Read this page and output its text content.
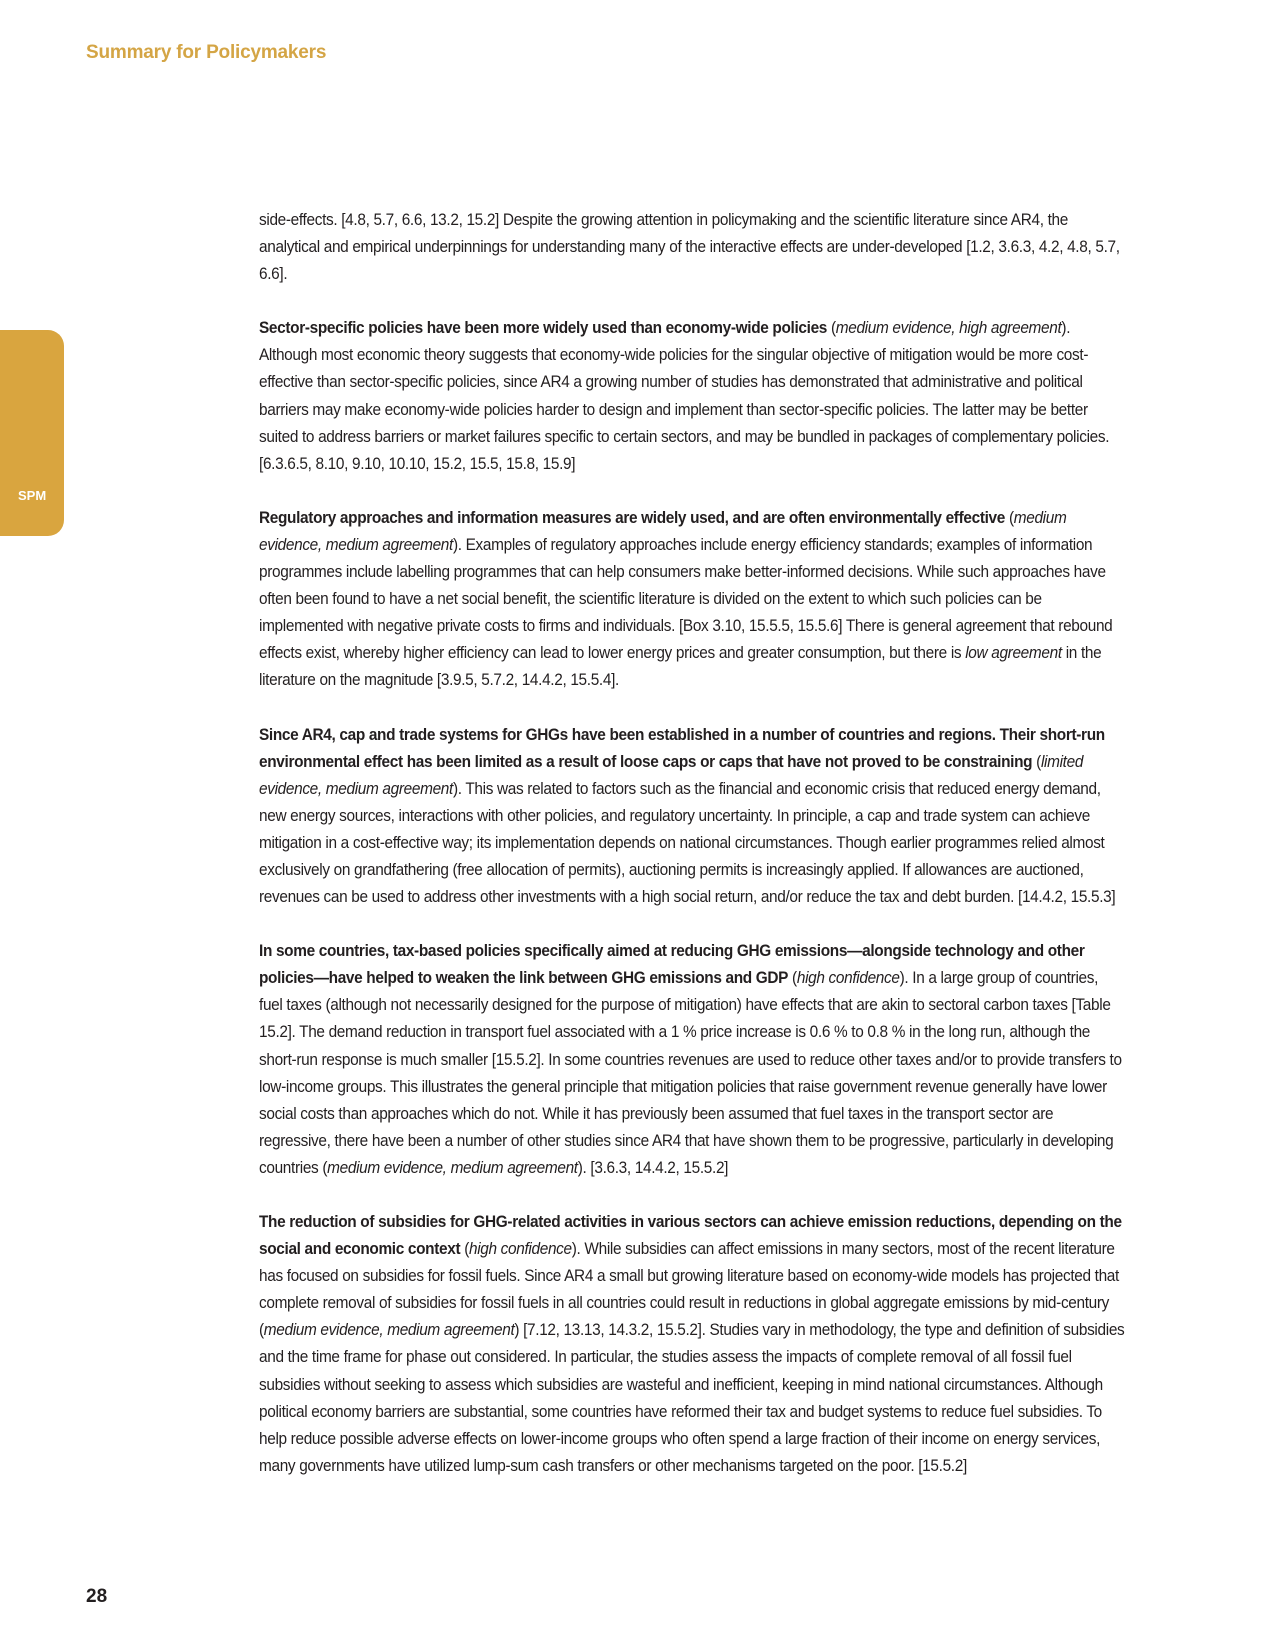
Summary for Policymakers
SPM

side-effects. [4.8, 5.7, 6.6, 13.2, 15.2] Despite the growing attention in policymaking and the scientific literature since AR4, the analytical and empirical underpinnings for understanding many of the interactive effects are under-developed [1.2, 3.6.3, 4.2, 4.8, 5.7, 6.6].

Sector-specific policies have been more widely used than economy-wide policies (medium evidence, high agreement). Although most economic theory suggests that economy-wide policies for the singular objective of mitigation would be more cost-effective than sector-specific policies, since AR4 a growing number of studies has demonstrated that administrative and political barriers may make economy-wide policies harder to design and implement than sector-specific policies. The latter may be better suited to address barriers or market failures specific to certain sectors, and may be bundled in packages of complementary policies. [6.3.6.5, 8.10, 9.10, 10.10, 15.2, 15.5, 15.8, 15.9]

Regulatory approaches and information measures are widely used, and are often environmentally effective (medium evidence, medium agreement). Examples of regulatory approaches include energy efficiency standards; examples of information programmes include labelling programmes that can help consumers make better-informed decisions. While such approaches have often been found to have a net social benefit, the scientific literature is divided on the extent to which such policies can be implemented with negative private costs to firms and individuals. [Box 3.10, 15.5.5, 15.5.6] There is general agreement that rebound effects exist, whereby higher efficiency can lead to lower energy prices and greater consumption, but there is low agreement in the literature on the magnitude [3.9.5, 5.7.2, 14.4.2, 15.5.4].

Since AR4, cap and trade systems for GHGs have been established in a number of countries and regions. Their short-run environmental effect has been limited as a result of loose caps or caps that have not proved to be constraining (limited evidence, medium agreement). This was related to factors such as the financial and economic crisis that reduced energy demand, new energy sources, interactions with other policies, and regulatory uncertainty. In principle, a cap and trade system can achieve mitigation in a cost-effective way; its implementation depends on national circumstances. Though earlier programmes relied almost exclusively on grandfathering (free allocation of permits), auctioning permits is increasingly applied. If allowances are auctioned, revenues can be used to address other investments with a high social return, and/or reduce the tax and debt burden. [14.4.2, 15.5.3]

In some countries, tax-based policies specifically aimed at reducing GHG emissions—alongside technology and other policies—have helped to weaken the link between GHG emissions and GDP (high confidence). In a large group of countries, fuel taxes (although not necessarily designed for the purpose of mitigation) have effects that are akin to sectoral carbon taxes [Table 15.2]. The demand reduction in transport fuel associated with a 1 % price increase is 0.6 % to 0.8 % in the long run, although the short-run response is much smaller [15.5.2]. In some countries revenues are used to reduce other taxes and/or to provide transfers to low-income groups. This illustrates the general principle that mitigation policies that raise government revenue generally have lower social costs than approaches which do not. While it has previously been assumed that fuel taxes in the transport sector are regressive, there have been a number of other studies since AR4 that have shown them to be progressive, particularly in developing countries (medium evidence, medium agreement). [3.6.3, 14.4.2, 15.5.2]

The reduction of subsidies for GHG-related activities in various sectors can achieve emission reductions, depending on the social and economic context (high confidence). While subsidies can affect emissions in many sectors, most of the recent literature has focused on subsidies for fossil fuels. Since AR4 a small but growing literature based on economy-wide models has projected that complete removal of subsidies for fossil fuels in all countries could result in reductions in global aggregate emissions by mid-century (medium evidence, medium agreement) [7.12, 13.13, 14.3.2, 15.5.2]. Studies vary in methodology, the type and definition of subsidies and the time frame for phase out considered. In particular, the studies assess the impacts of complete removal of all fossil fuel subsidies without seeking to assess which subsidies are wasteful and inefficient, keeping in mind national circumstances. Although political economy barriers are substantial, some countries have reformed their tax and budget systems to reduce fuel subsidies. To help reduce possible adverse effects on lower-income groups who often spend a large fraction of their income on energy services, many governments have utilized lump-sum cash transfers or other mechanisms targeted on the poor. [15.5.2]

28
